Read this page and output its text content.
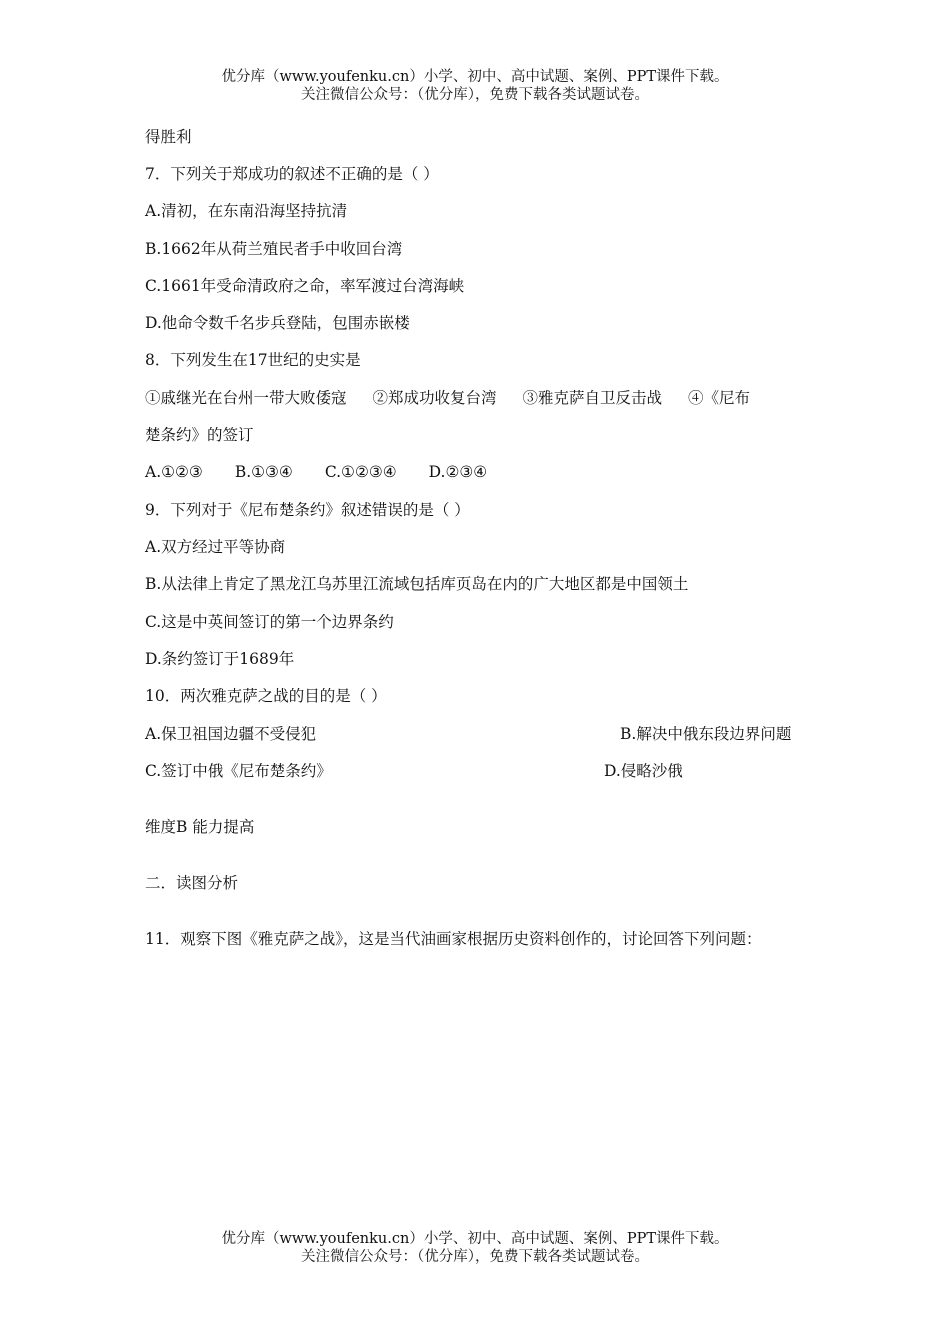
优分库（www.youfenku.cn）小学、初中、高中试题、案例、PPT课件下载。
关注微信公众号：（优分库），免费下载各类试题试卷。
得胜利
7．下列关于郑成功的叙述不正确的是（ ）
A.清初，在东南沿海坚持抗清
B.1662年从荷兰殖民者手中收回台湾
C.1661年受命清政府之命，率军渡过台湾海峡
D.他命令数千名步兵登陆，包围赤嵌楼
8．下列发生在17世纪的史实是
①戚继光在台州一带大败倭寇 ②郑成功收复台湾 ③雅克萨自卫反击战 ④《尼布
楚条约》的签订
A.①②③ B.①③④ C.①②③④ D.②③④
9．下列对于《尼布楚条约》叙述错误的是（ ）
A.双方经过平等协商
B.从法律上肯定了黑龙江乌苏里江流域包括库页岛在内的广大地区都是中国领土
C.这是中英间签订的第一个边界条约
D.条约签订于1689年
10．两次雅克萨之战的目的是（ ）
A.保卫祖国边疆不受侵犯	B.解决中俄东段边界问题
C.签订中俄《尼布楚条约》	D.侵略沙俄
维度B 能力提高
二．读图分析
11．观察下图《雅克萨之战》，这是当代油画家根据历史资料创作的，讨论回答下列问题：
优分库（www.youfenku.cn）小学、初中、高中试题、案例、PPT课件下载。
关注微信公众号：（优分库），免费下载各类试题试卷。
